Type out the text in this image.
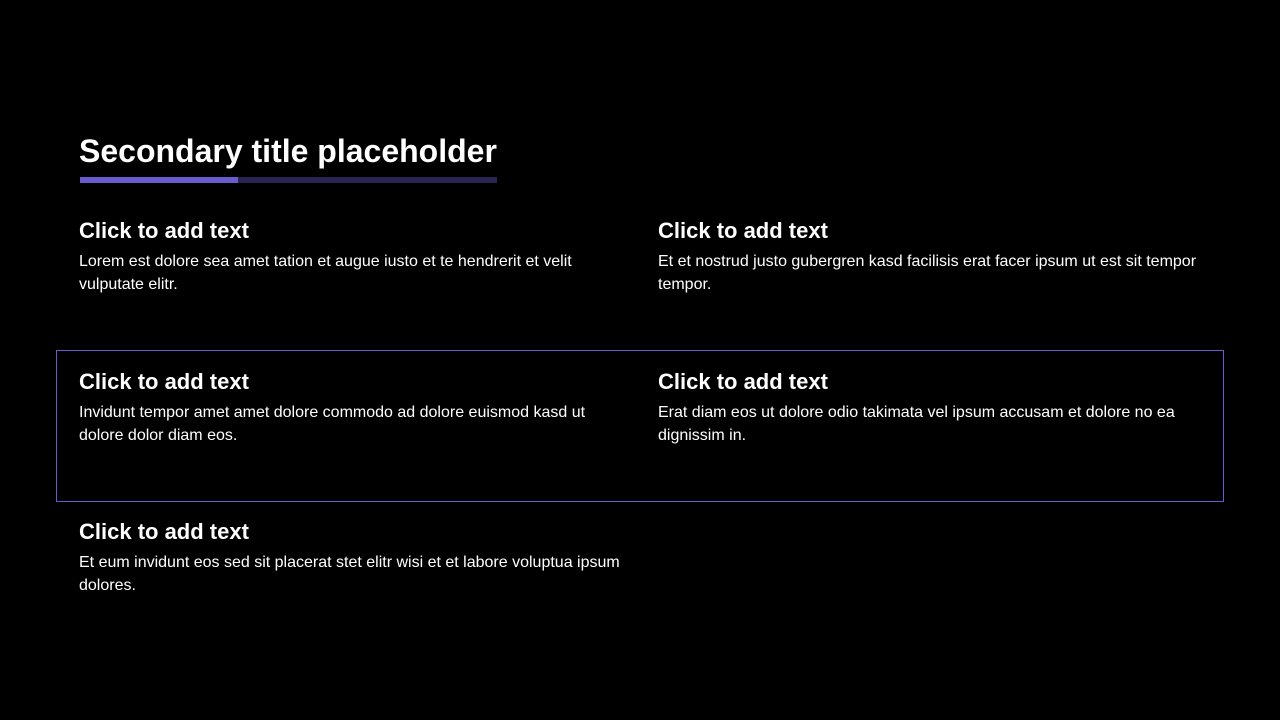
Secondary title placeholder
Click to add text

Lorem est dolore sea amet tation et augue iusto et te hendrerit et velit vulputate elitr.

Click to add text

Et et nostrud justo gubergren kasd facilisis erat facer ipsum ut est sit tempor tempor.

Click to add text

Invidunt tempor amet amet dolore commodo ad dolore euismod kasd ut dolore dolor diam eos.

Click to add text

Erat diam eos ut dolore odio takimata vel ipsum accusam et dolore no ea dignissim in.

Click to add text

Et eum invidunt eos sed sit placerat stet elitr wisi et et labore voluptua ipsum dolores.
